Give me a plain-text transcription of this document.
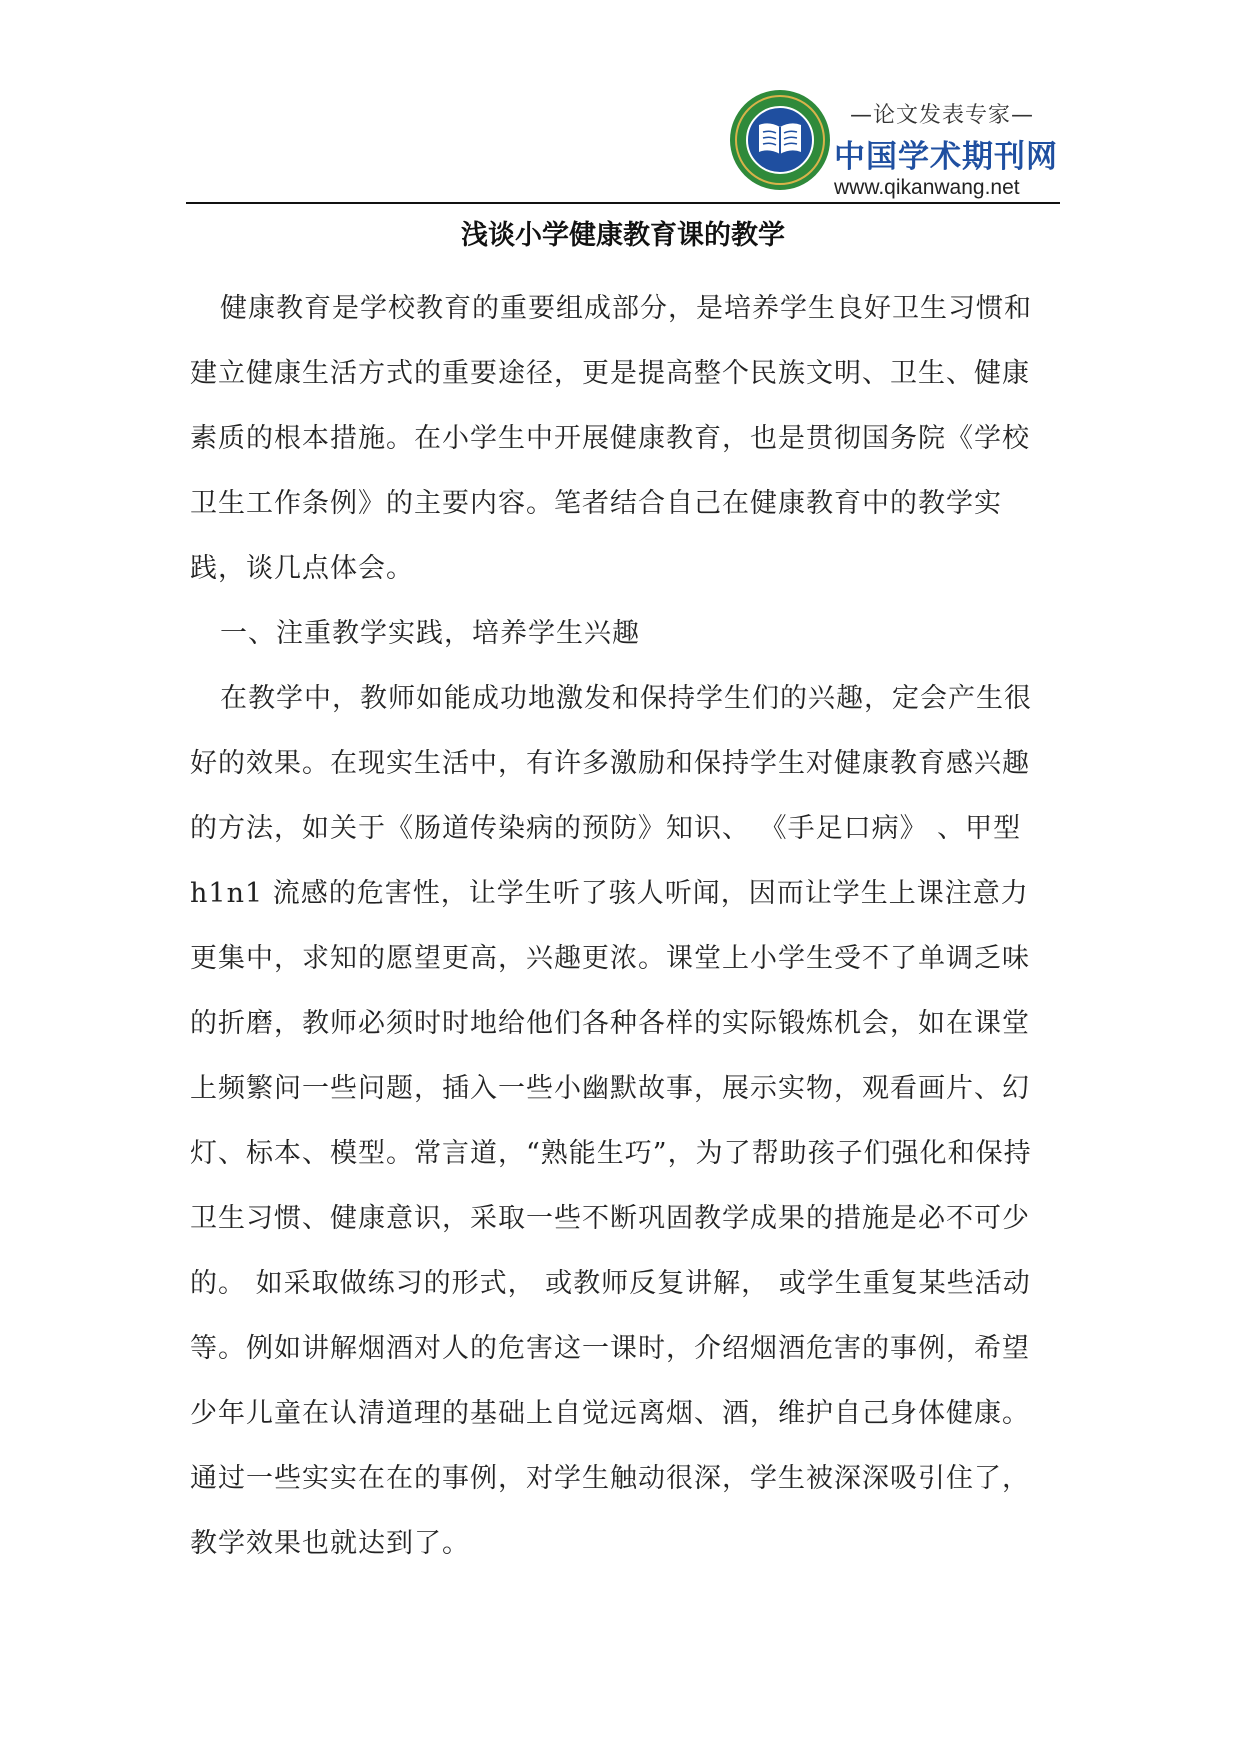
—论文发表专家—
中国学术期刊网
www.qikanwang.net
浅谈小学健康教育课的教学

健康教育是学校教育的重要组成部分，是培养学生良好卫生习惯和建立健康生活方式的重要途径，更是提高整个民族文明、卫生、健康素质的根本措施。在小学生中开展健康教育，也是贯彻国务院《学校卫生工作条例》的主要内容。笔者结合自己在健康教育中的教学实践，谈几点体会。

一、注重教学实践，培养学生兴趣

在教学中，教师如能成功地激发和保持学生们的兴趣，定会产生很好的效果。在现实生活中，有许多激励和保持学生对健康教育感兴趣的方法，如关于《肠道传染病的预防》知识、 《手足口病》 、甲型 h1n1 流感的危害性，让学生听了骇人听闻，因而让学生上课注意力更集中，求知的愿望更高，兴趣更浓。课堂上小学生受不了单调乏味的折磨，教师必须时时地给他们各种各样的实际锻炼机会，如在课堂上频繁问一些问题，插入一些小幽默故事，展示实物，观看画片、幻灯、标本、模型。常言道，“熟能生巧”，为了帮助孩子们强化和保持卫生习惯、健康意识，采取一些不断巩固教学成果的措施是必不可少的。 如采取做练习的形式， 或教师反复讲解， 或学生重复某些活动等。例如讲解烟酒对人的危害这一课时，介绍烟酒危害的事例，希望少年儿童在认清道理的基础上自觉远离烟、酒，维护自己身体健康。通过一些实实在在的事例，对学生触动很深，学生被深深吸引住了，教学效果也就达到了。
